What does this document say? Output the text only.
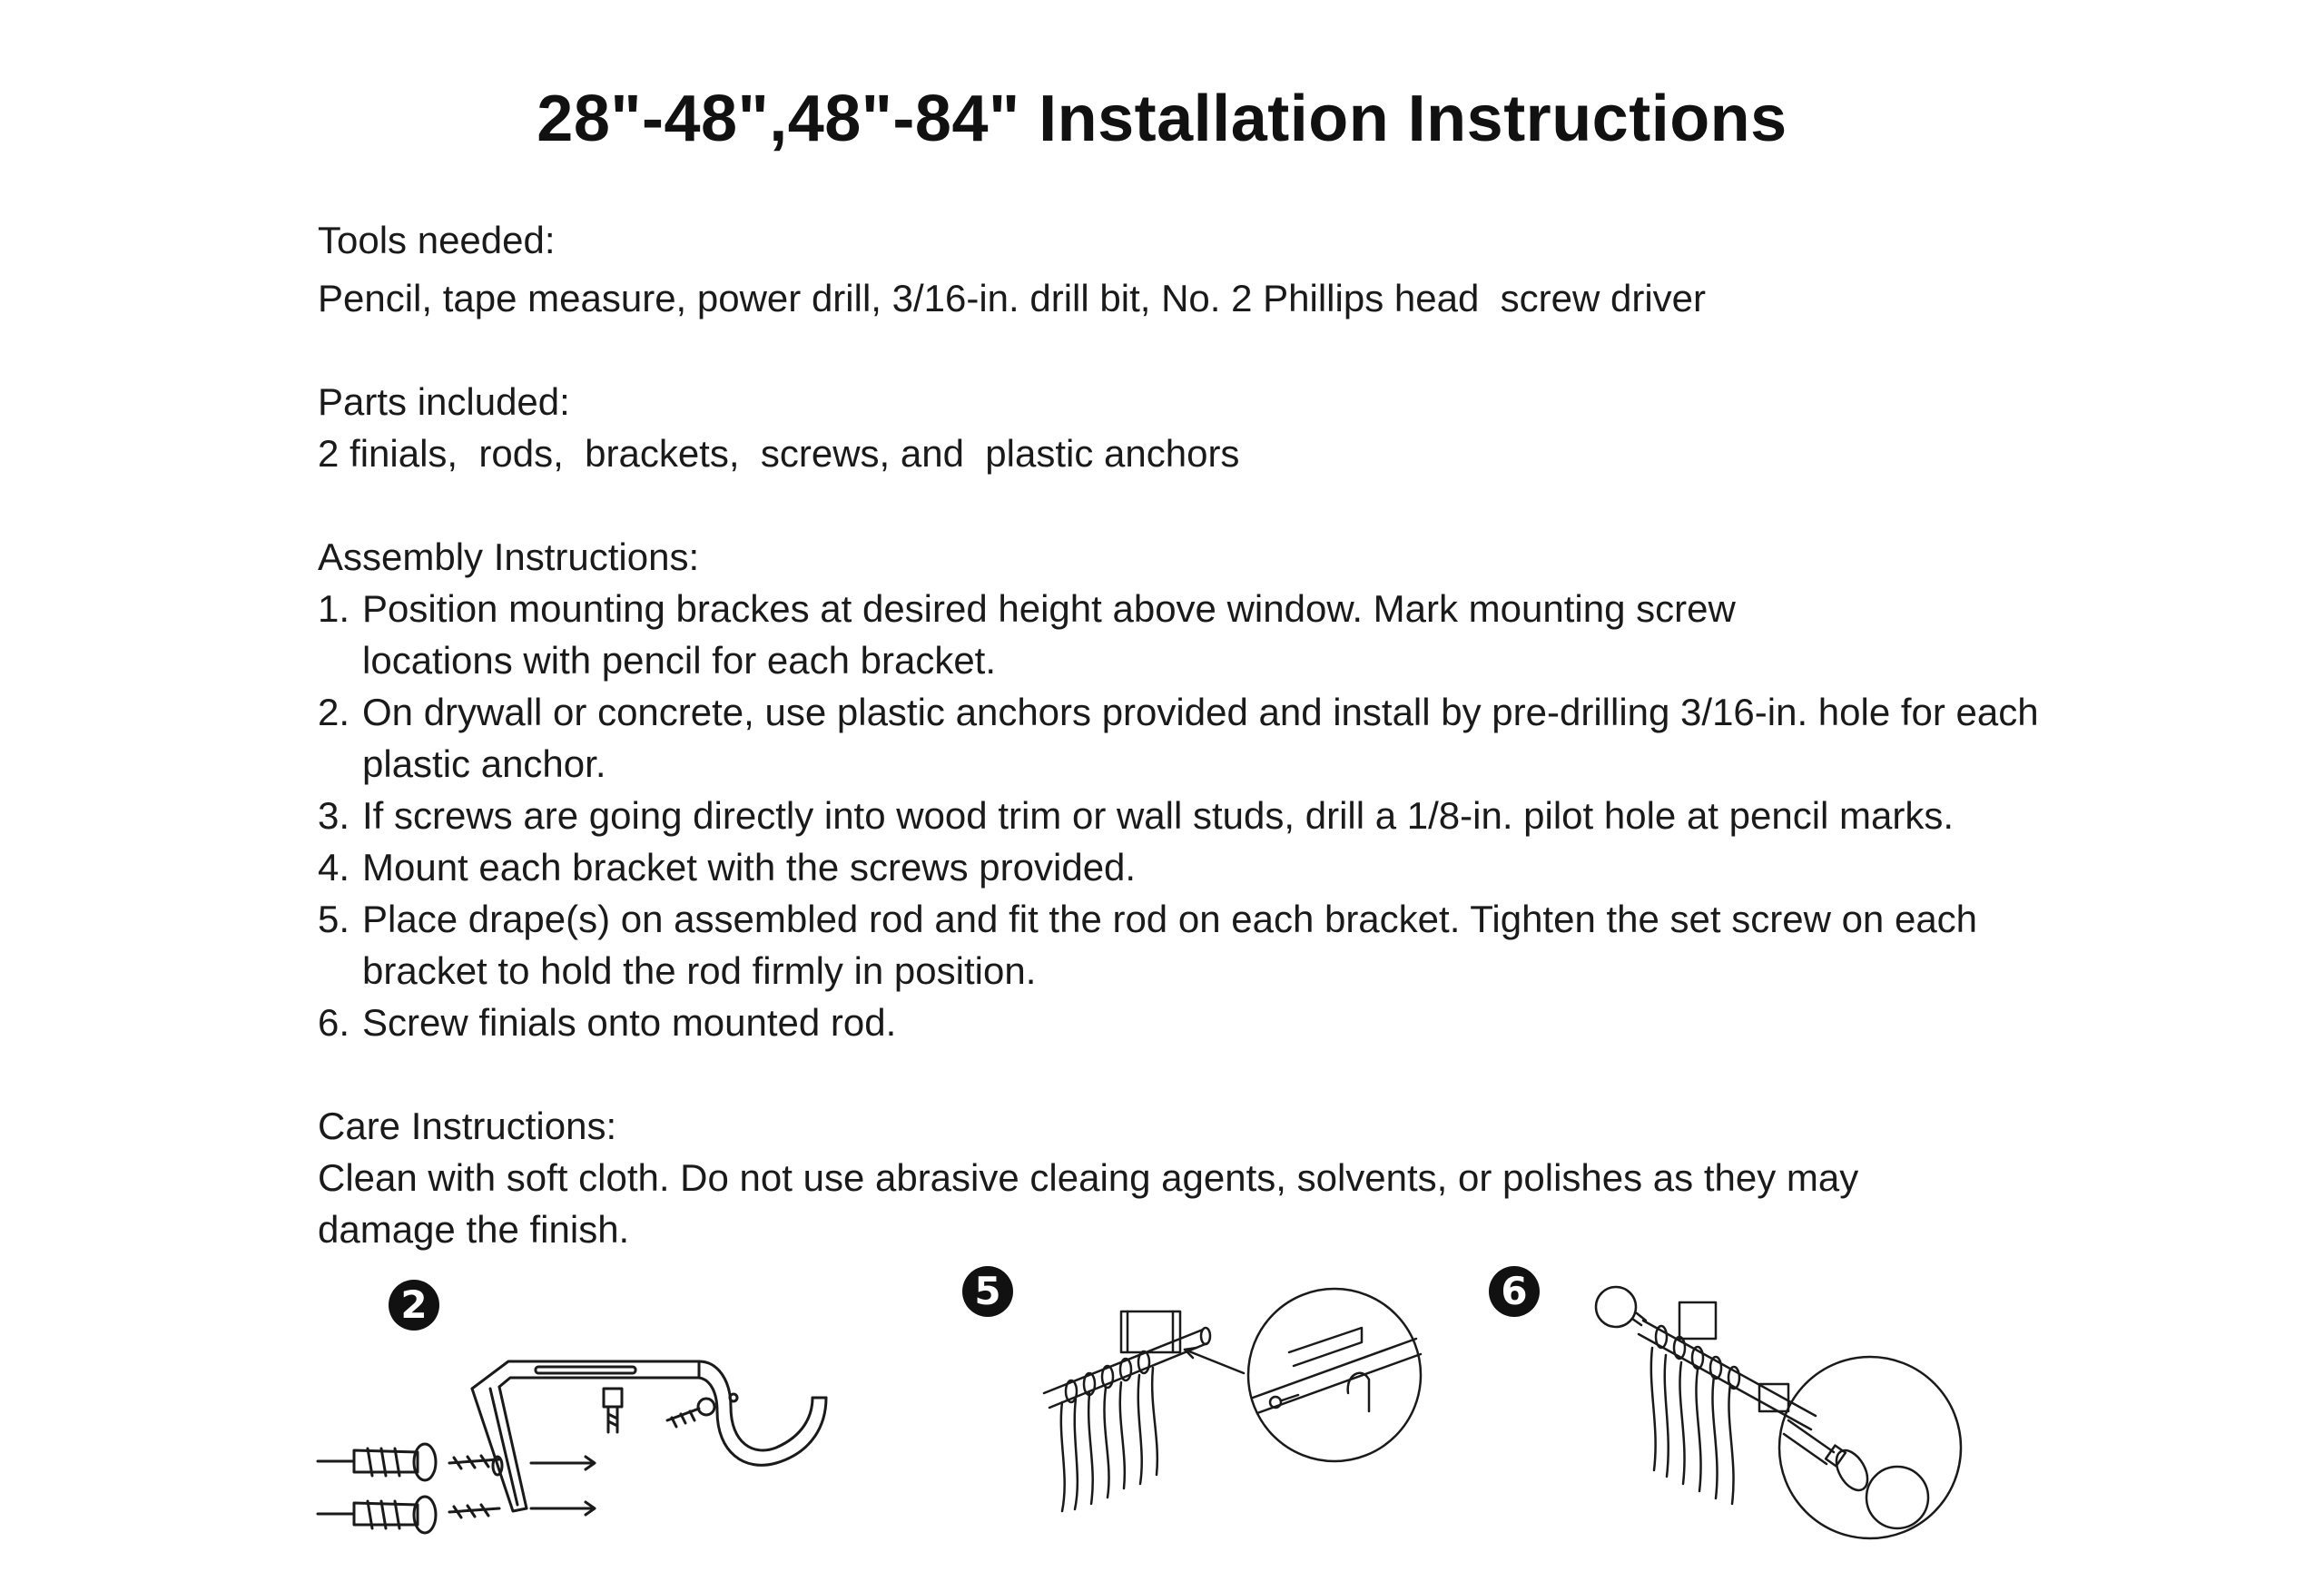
28"-48",48"-84" Installation Instructions
Tools needed:
Pencil, tape measure, power drill, 3/16-in. drill bit, No. 2 Phillips head  screw driver
Parts included:
2 finials,  rods,  brackets,  screws, and  plastic anchors
Assembly Instructions:
1. Position mounting brackes at desired height above window. Mark mounting screw locations with pencil for each bracket.
2. On drywall or concrete, use plastic anchors provided and install by pre-drilling 3/16-in. hole for each plastic anchor.
3. If screws are going directly into wood trim or wall studs, drill a 1/8-in. pilot hole at pencil marks.
4. Mount each bracket with the screws provided.
5. Place drape(s) on assembled rod and fit the rod on each bracket. Tighten the set screw on each bracket to hold the rod firmly in position.
6. Screw finials onto mounted rod.
Care Instructions:
Clean with soft cloth. Do not use abrasive cleaing agents, solvents, or polishes as they may damage the finish.
2	5	6
